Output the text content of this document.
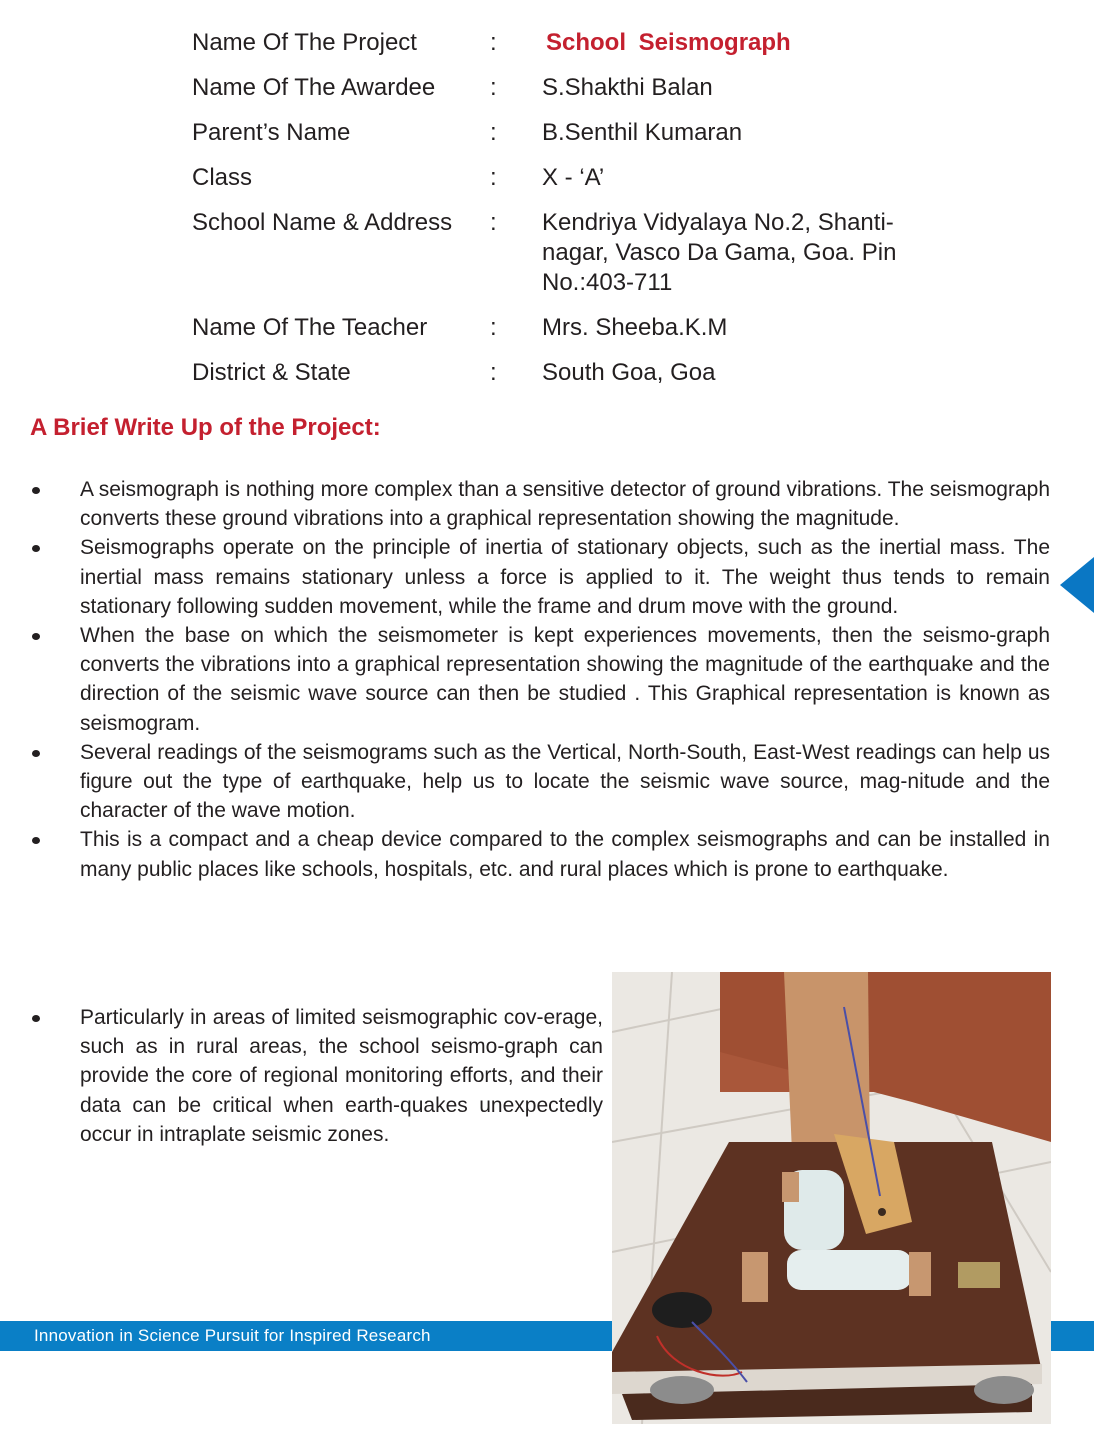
Name Of The Project	:	School Seismograph
Name Of The Awardee	:	S.Shakthi Balan
Parent’s Name	:	B.Senthil Kumaran
Class	:	X - ‘A’
School Name & Address	:	Kendriya Vidyalaya No.2, Shanti-nagar, Vasco Da Gama, Goa. Pin No.:403-711
Name Of The Teacher	:	Mrs. Sheeba.K.M
District & State	:	South Goa, Goa
A Brief Write Up of the Project:
A seismograph is nothing more complex than a sensitive detector of ground vibrations. The seismograph converts these ground vibrations into a graphical representation showing the magnitude.
Seismographs operate on the principle of inertia of stationary objects, such as the inertial mass. The inertial mass remains stationary unless a force is applied to it. The weight thus tends to remain stationary following sudden movement, while the frame and drum move with the ground.
When the base on which the seismometer is kept experiences movements, then the seismo-graph converts the vibrations into a graphical representation showing the magnitude of the earthquake and the direction of the seismic wave source can then be studied . This Graphical representation is known as seismogram.
Several readings of the seismograms such as the Vertical, North-South, East-West readings can help us figure out the type of earthquake, help us to locate the seismic wave source, mag-nitude and the character of the wave motion.
This is a compact and a cheap device compared to the complex seismographs and can be installed in many public places like schools, hospitals, etc. and rural places which is prone to earthquake.
Particularly in areas of limited seismographic cov-erage, such as in rural areas, the school seismo-graph can provide the core of regional monitoring efforts, and their data can be critical when earth-quakes unexpectedly occur in intraplate seismic zones.
Innovation in Science Pursuit for Inspired Research
